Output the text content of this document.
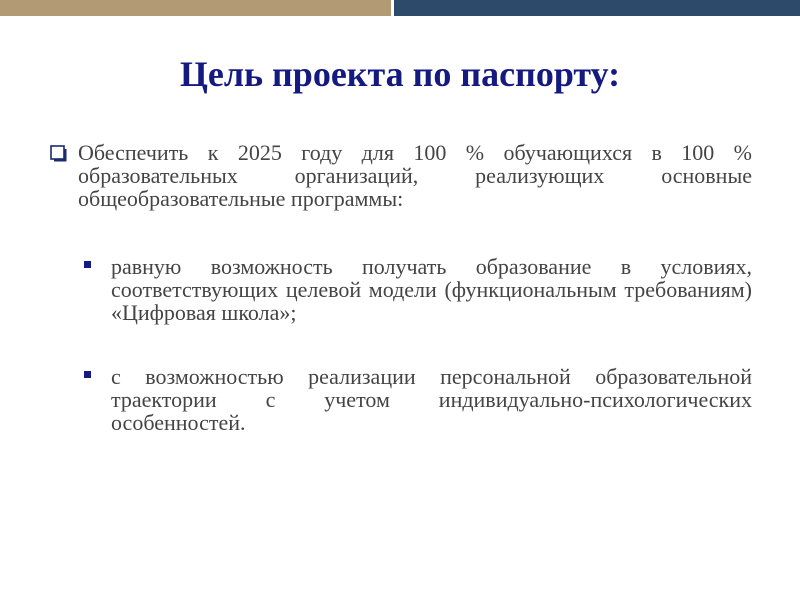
Цель проекта по паспорту:
Обеспечить к 2025 году для 100 % обучающихся в 100 % образовательных организаций, реализующих основные общеобразовательные программы:
равную возможность получать образование в условиях, соответствующих целевой модели (функциональным требованиям) «Цифровая школа»;
с возможностью реализации персональной образовательной траектории с учетом индивидуально-психологических особенностей.
